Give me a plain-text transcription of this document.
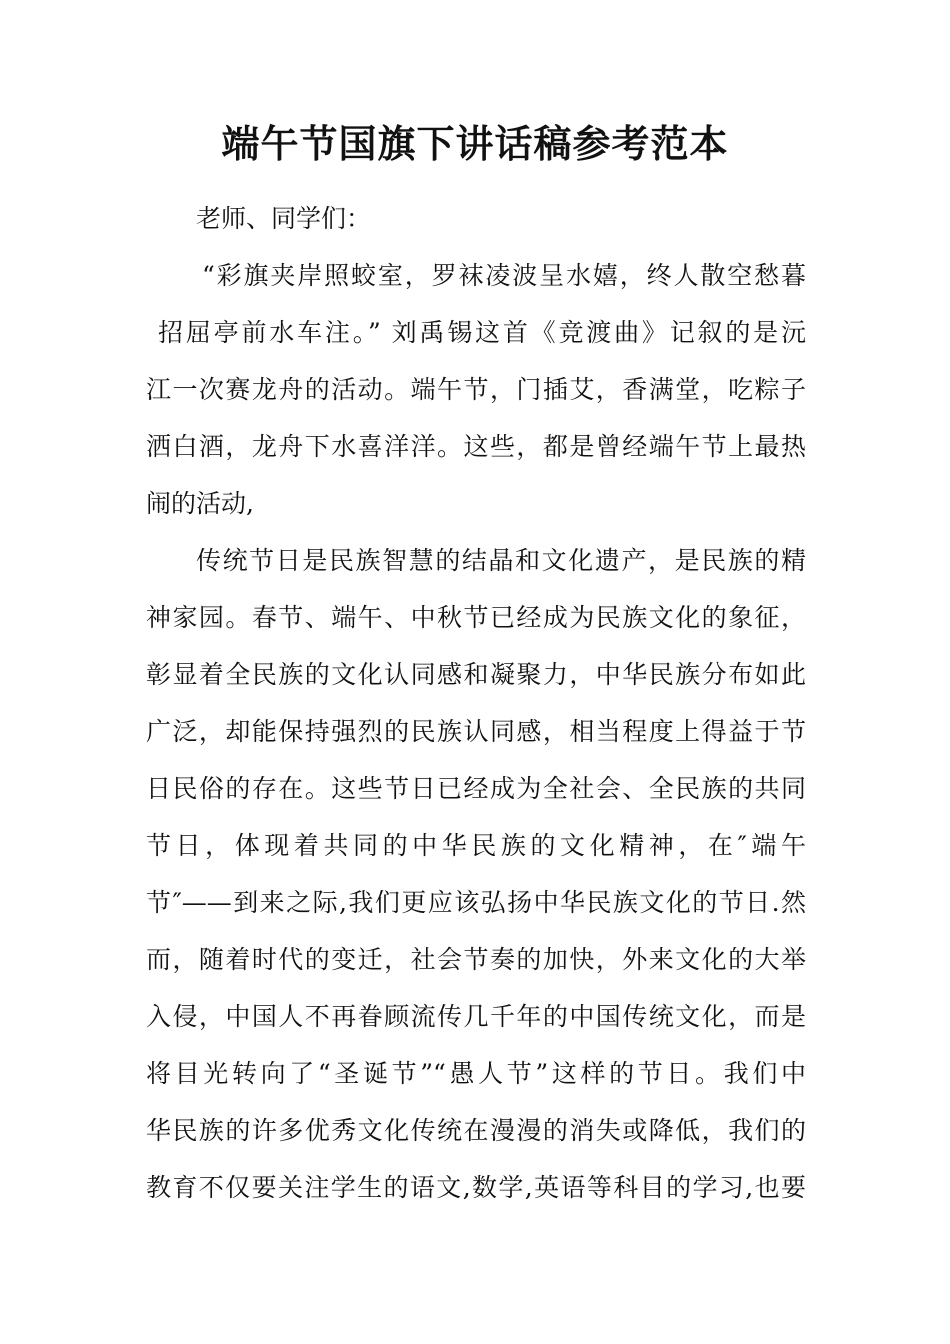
端午节国旗下讲话稿参考范本
老师、同学们：
“彩旗夹岸照蛟室，罗袜凌波呈水嬉，终人散空愁暮
招屈亭前水车注。” 刘禹锡这首《竞渡曲》记叙的是沅
江一次赛龙舟的活动。端午节，门插艾，香满堂，吃粽子
洒白酒，龙舟下水喜洋洋。这些，都是曾经端午节上最热
闹的活动,
传统节日是民族智慧的结晶和文化遗产，是民族的精
神家园。春节、端午、中秋节已经成为民族文化的象征，
彰显着全民族的文化认同感和凝聚力，中华民族分布如此
广泛，却能保持强烈的民族认同感，相当程度上得益于节
日民俗的存在。这些节日已经成为全社会、全民族的共同
节日，体现着共同的中华民族的文化精神，在″端午
节″——到来之际,我们更应该弘扬中华民族文化的节日.然
而，随着时代的变迁，社会节奏的加快，外来文化的大举
入侵，中国人不再眷顾流传几千年的中国传统文化，而是
将目光转向了“圣诞节”“愚人节”这样的节日。我们中
华民族的许多优秀文化传统在漫漫的消失或降低，我们的
教育不仅要关注学生的语文,数学,英语等科目的学习,也要
